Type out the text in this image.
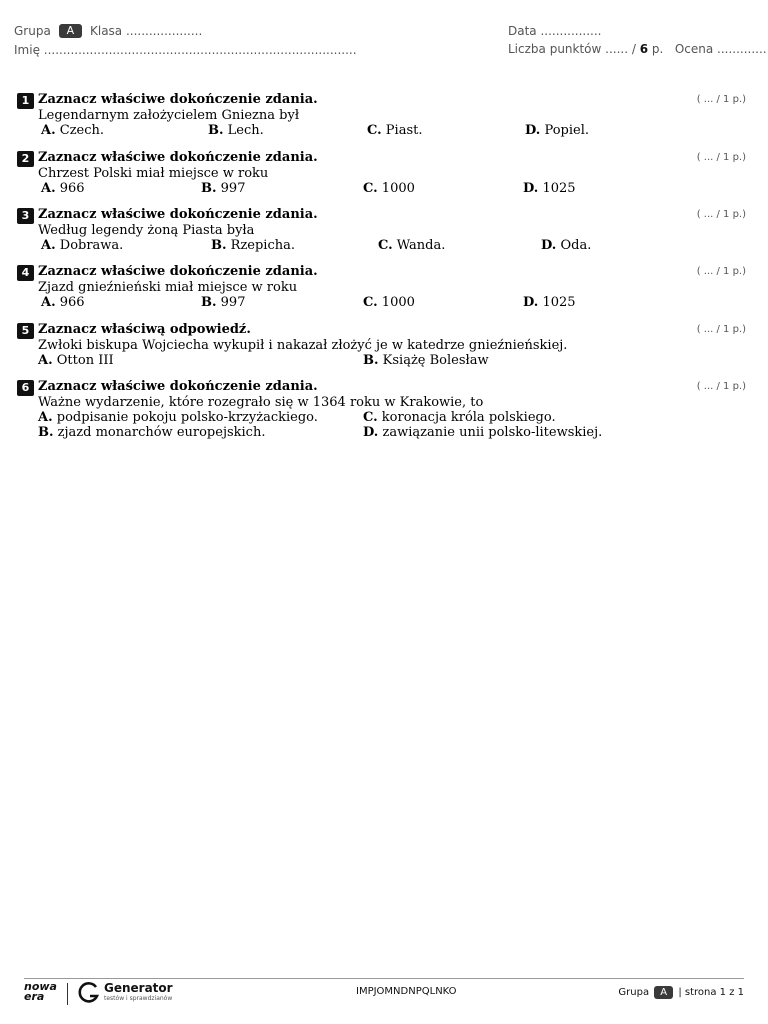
Grupa A Klasa ....................
Imię ..................................................................................
Data ................
Liczba punktów ...... / 6 p. Ocena .............
1 Zaznacz właściwe dokończenie zdania.
Legendarnym założycielem Gniezna był
A. Czech.	B. Lech.	C. Piast.	D. Popiel.
( ... / 1 p.)
2 Zaznacz właściwe dokończenie zdania.
Chrzest Polski miał miejsce w roku
A. 966	B. 997	C. 1000	D. 1025
( ... / 1 p.)
3 Zaznacz właściwe dokończenie zdania.
Według legendy żoną Piasta była
A. Dobrawa.	B. Rzepicha.	C. Wanda.	D. Oda.
( ... / 1 p.)
4 Zaznacz właściwe dokończenie zdania.
Zjazd gnieźnieński miał miejsce w roku
A. 966	B. 997	C. 1000	D. 1025
( ... / 1 p.)
5 Zaznacz właściwą odpowiedź.
Zwłoki biskupa Wojciecha wykupił i nakazał złożyć je w katedrze gnieźnieńskiej.
A. Otton III	B. Książę Bolesław
( ... / 1 p.)
6 Zaznacz właściwe dokończenie zdania.
Ważne wydarzenie, które rozegrało się w 1364 roku w Krakowie, to
A. podpisanie pokoju polsko-krzyżackiego.	C. koronacja króla polskiego.
B. zjazd monarchów europejskich.	D. zawiązanie unii polsko-litewskiej.
( ... / 1 p.)
nowa
era
Generator
testów i sprawdzianów
IMPJOMNDNPQLNKO	Grupa A | strona 1 z 1
